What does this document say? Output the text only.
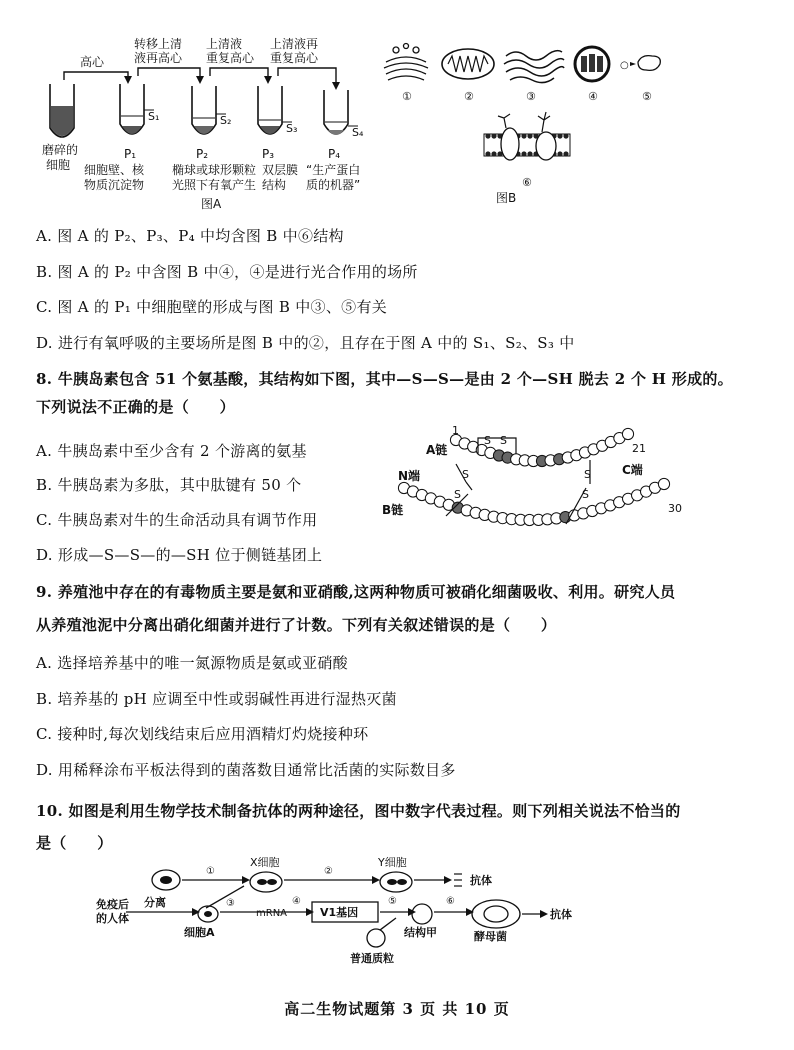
高心
转移上清
液再高心
上清液
重复高心
上清液再
重复高心
S₁	S₂
S₃	S₄
P₁	P₂	P₃	P₄
磨碎的
细胞 细胞壁、核
物质沉淀物
椭球或球形颗粒
光照下有氧产生
双层膜
结构
“生产蛋白
质的机器”
图A
○
①	②	③	④	⑤
⑥
图B
A. 图 A 的 P₂、P₃、P₄ 中均含图 B 中⑥结构
B. 图 A 的 P₂ 中含图 B 中④，④是进行光合作用的场所
C. 图 A 的 P₁ 中细胞壁的形成与图 B 中③、⑤有关
D. 进行有氧呼吸的主要场所是图 B 中的②，且存在于图 A 中的 S₁、S₂、S₃ 中
8. 牛胰岛素包含 51 个氨基酸，其结构如下图，其中—S—S—是由 2 个—SH 脱去 2 个 H 形成的。
下列说法不正确的是（　　）
A. 牛胰岛素中至少含有 2 个游离的氨基
B. 牛胰岛素为多肽，其中肽键有 50 个
C. 牛胰岛素对牛的生命活动具有调节作用
D. 形成—S—S—的—SH 位于侧链基团上
S S
S
S
S
S
A链
N端
B链
C端
1
21
30
9. 养殖池中存在的有毒物质主要是氨和亚硝酸,这两种物质可被硝化细菌吸收、利用。研究人员
从养殖池泥中分离出硝化细菌并进行了计数。下列有关叙述错误的是（　　）
A. 选择培养基中的唯一氮源物质是氨或亚硝酸
B. 培养基的 pH 应调至中性或弱碱性再进行湿热灭菌
C. 接种时,每次划线结束后应用酒精灯灼烧接种环
D. 用稀释涂布平板法得到的菌落数目通常比活菌的实际数目多
10. 如图是利用生物学技术制备抗体的两种途径，图中数字代表过程。则下列相关说法不恰当的
是（　　）
①	②
③	④	⑤	⑥
X细胞	Y细胞
抗体
免疫后
的人体
分离
细胞A
mRNA	V1基因
结构甲
普通质粒
酵母菌
抗体
高二生物试题第 3 页 共 10 页
